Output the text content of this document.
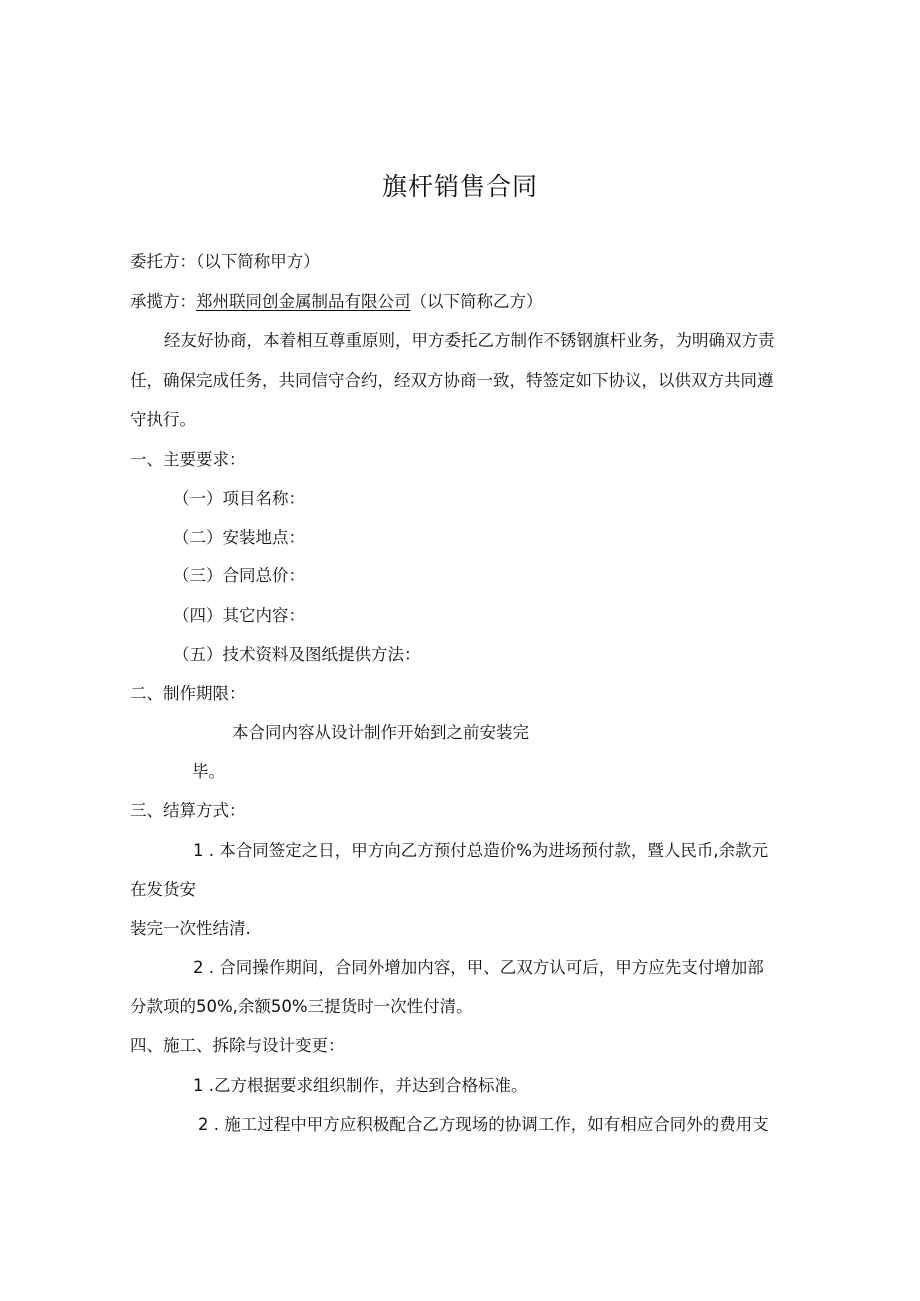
旗杆销售合同
委托方：（以下简称甲方）
承揽方：郑州联同创金属制品有限公司（以下简称乙方）
经友好协商，本着相互尊重原则，甲方委托乙方制作不锈钢旗杆业务，为明确双方责
任，确保完成任务，共同信守合约，经双方协商一致，特签定如下协议，以供双方共同遵
守执行。
一、主要要求：
（一）项目名称：
（二）安装地点：
（三）合同总价：
（四）其它内容：
（五）技术资料及图纸提供方法：
二、制作期限：
本合同内容从设计制作开始到之前安装完
毕。
三、结算方式：
1 . 本合同签定之日，甲方向乙方预付总造价%为进场预付款，暨人民币,余款元
在发货安
装完一次性结清.
2 . 合同操作期间，合同外增加内容，甲、乙双方认可后，甲方应先支付增加部
分款项的50%,余额50%三提货时一次性付清。
四、施工、拆除与设计变更：
1 .乙方根据要求组织制作，并达到合格标准。
2 . 施工过程中甲方应积极配合乙方现场的协调工作，如有相应合同外的费用支
